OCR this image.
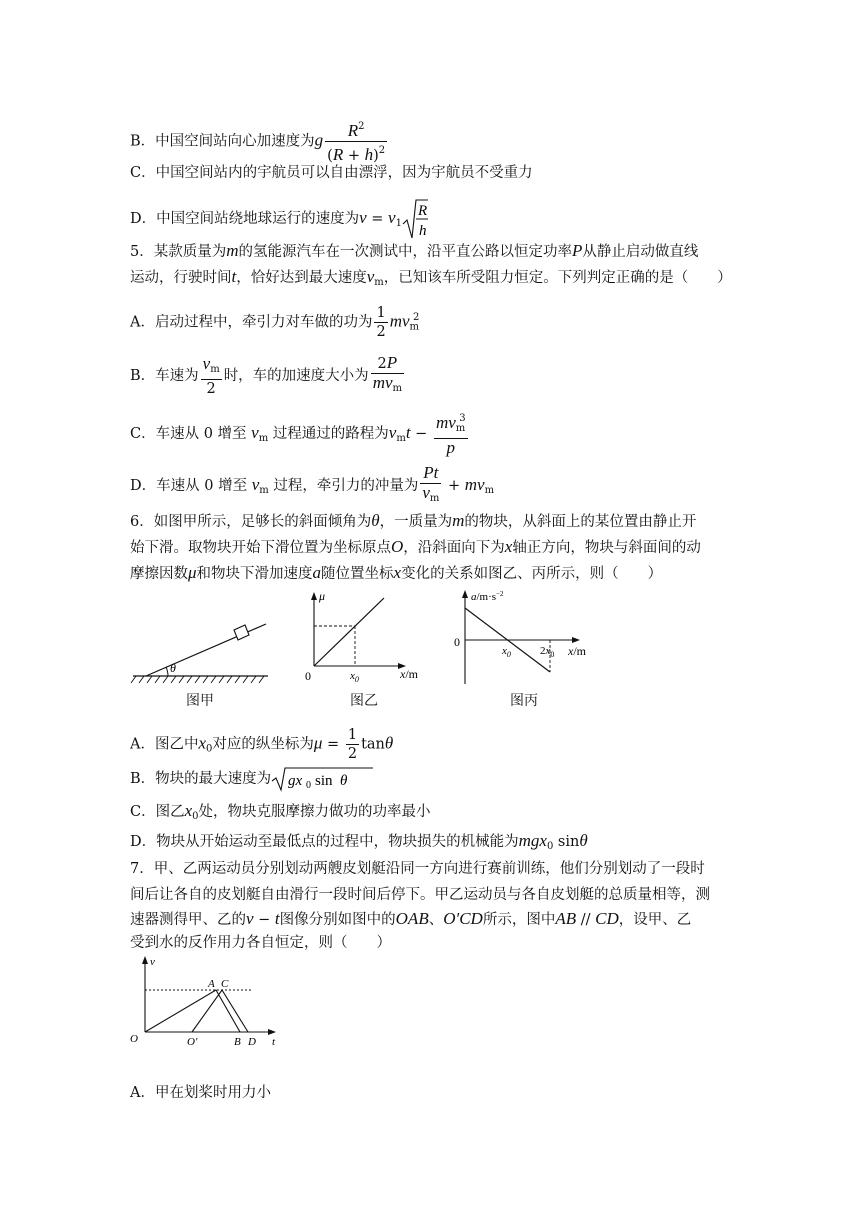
B．中国空间站向心加速度为g $\frac{R^2}{(R + h)^2}$
C．中国空间站内的宇航员可以自由漂浮，因为宇航员不受重力
D．中国空间站绕地球运行的速度为$v = v_1$
R
h
5．某款质量为m的氢能源汽车在一次测试中，沿平直公路以恒定功率P从静止启动做直线
运动，行驶时间t，恰好达到最大速度$v_m$，已知该车所受阻力恒定。下列判定正确的是（　　）
A．启动过程中，牵引力对车做的功为 $\frac{1}{2} mv_m^2$
B．车速为 $\frac{v_m}{2}$ 时，车的加速度大小为 $\frac{2P}{mv_m}$
C．车速从 0 增至 $v_m$ 过程通过的路程为$v_mt - \frac{mv_m^3}{p}$
D．车速从 0 增至 $v_m$ 过程，牵引力的冲量为 $\frac{Pt}{v_m} + mv_m$
6．如图甲所示，足够长的斜面倾角为θ，一质量为m的物块，从斜面上的某位置由静止开
始下滑。取物块开始下滑位置为坐标原点O，沿斜面向下为x轴正方向，物块与斜面间的动
摩擦因数μ和物块下滑加速度a随位置坐标x变化的关系如图乙、丙所示，则（　　）
θ
图甲
μ
x/m
0	$x_0$
图乙
$a/m\cdot s^{-2}$
0
$x_0$	$2x_0$ x/m
图丙
A．图乙中$x_0$对应的纵坐标为$\mu = \frac{1}{2}$ tanθ
B．物块的最大速度为 gx 0 sin θ
C．图乙$x_0$处，物块克服摩擦力做功的功率最小
D．物块从开始运动至最低点的过程中，物块损失的机械能为mgx$_0$ sinθ
7．甲、乙两运动员分别划动两艘皮划艇沿同一方向进行赛前训练，他们分别划动了一段时
间后让各自的皮划艇自由滑行一段时间后停下。甲乙运动员与各自皮划艇的总质量相等，测
速器测得甲、乙的v − t图像分别如图中的OAB、O′CD所示，图中AB // CD，设甲、乙
受到水的反作用力各自恒定，则（　　）
v
O	O′
A C
B D t
A．甲在划桨时用力小
